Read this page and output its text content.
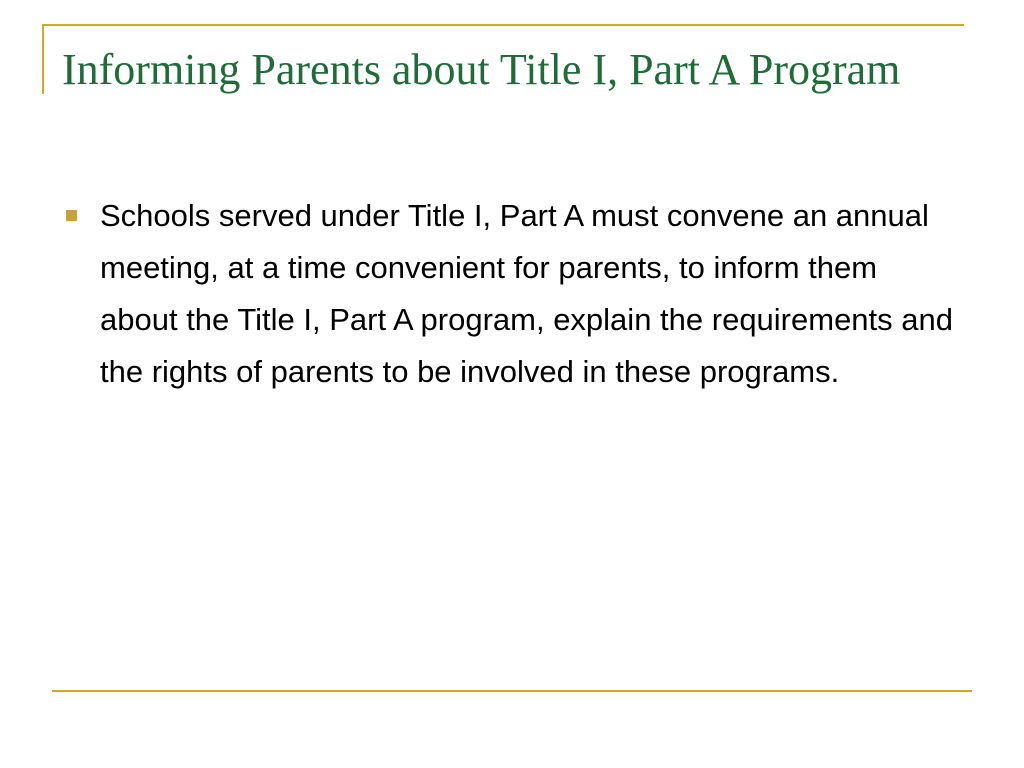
Informing Parents about Title I, Part A Program
Schools served under Title I, Part A must convene an annual meeting, at a time convenient for parents, to inform them about the Title I, Part A program, explain the requirements and the rights of parents to be involved in these programs.
